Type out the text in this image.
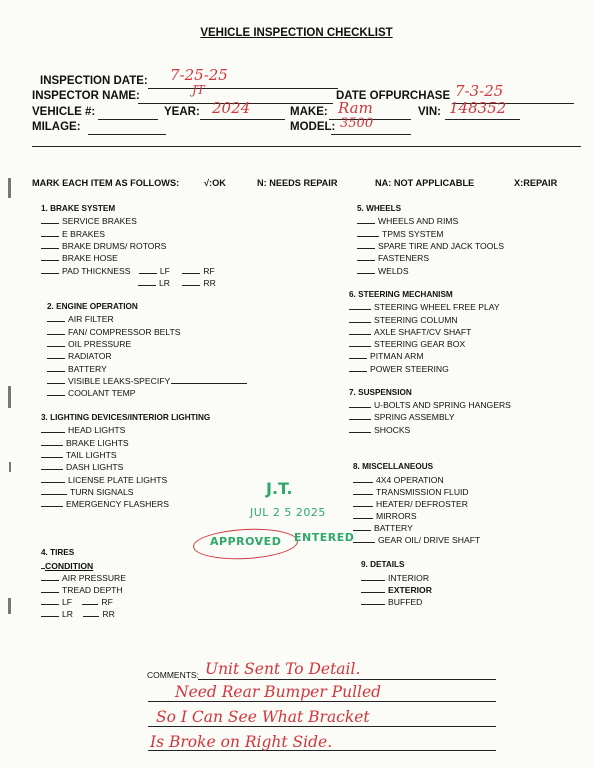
VEHICLE INSPECTION CHECKLIST
INSPECTION DATE: 7-25-25
INSPECTOR NAME:	JT	DATE OFPURCHASE 7-3-25
VEHICLE #:	YEAR: 2024	MAKE: Ram	VIN: 148352
MILAGE:	MODEL: 3500
MARK EACH ITEM AS FOLLOWS:	√:OK	N: NEEDS REPAIR	NA: NOT APPLICABLE	X:REPAIR
1. BRAKE SYSTEM
SERVICE BRAKES
E BRAKES
BRAKE DRUMS/ ROTORS
BRAKE HOSE
PAD THICKNESS	LF	RF
LR	RR
2. ENGINE OPERATION
AIR FILTER
FAN/ COMPRESSOR BELTS
OIL PRESSURE
RADIATOR
BATTERY
VISIBLE LEAKS-SPECIFY
COOLANT TEMP
3. LIGHTING DEVICES/INTERIOR LIGHTING
HEAD LIGHTS
BRAKE LIGHTS
TAIL LIGHTS
DASH LIGHTS
LICENSE PLATE LIGHTS
TURN SIGNALS
EMERGENCY FLASHERS
4. TIRES
CONDITION
AIR PRESSURE
TREAD DEPTH
LF	RF
LR	RR
5. WHEELS
WHEELS AND RIMS
TPMS SYSTEM
SPARE TIRE AND JACK TOOLS
FASTENERS
WELDS
6. STEERING MECHANISM
STEERING WHEEL FREE PLAY
STEERING COLUMN
AXLE SHAFT/CV SHAFT
STEERING GEAR BOX
PITMAN ARM
POWER STEERING
7. SUSPENSION
U-BOLTS AND SPRING HANGERS
SPRING ASSEMBLY
SHOCKS
8. MISCELLANEOUS
4X4 OPERATION
TRANSMISSION FLUID
HEATER/ DEFROSTER
MIRRORS
BATTERY
GEAR OIL/ DRIVE SHAFT
9. DETAILS
INTERIOR
EXTERIOR
BUFFED
J.T.
JUL 2 5 2025
APPROVED ENTERED
COMMENTS: Unit Sent To Detail.
Need Rear Bumper Pulled
So I Can See What Bracket
Is Broke on Right Side.
